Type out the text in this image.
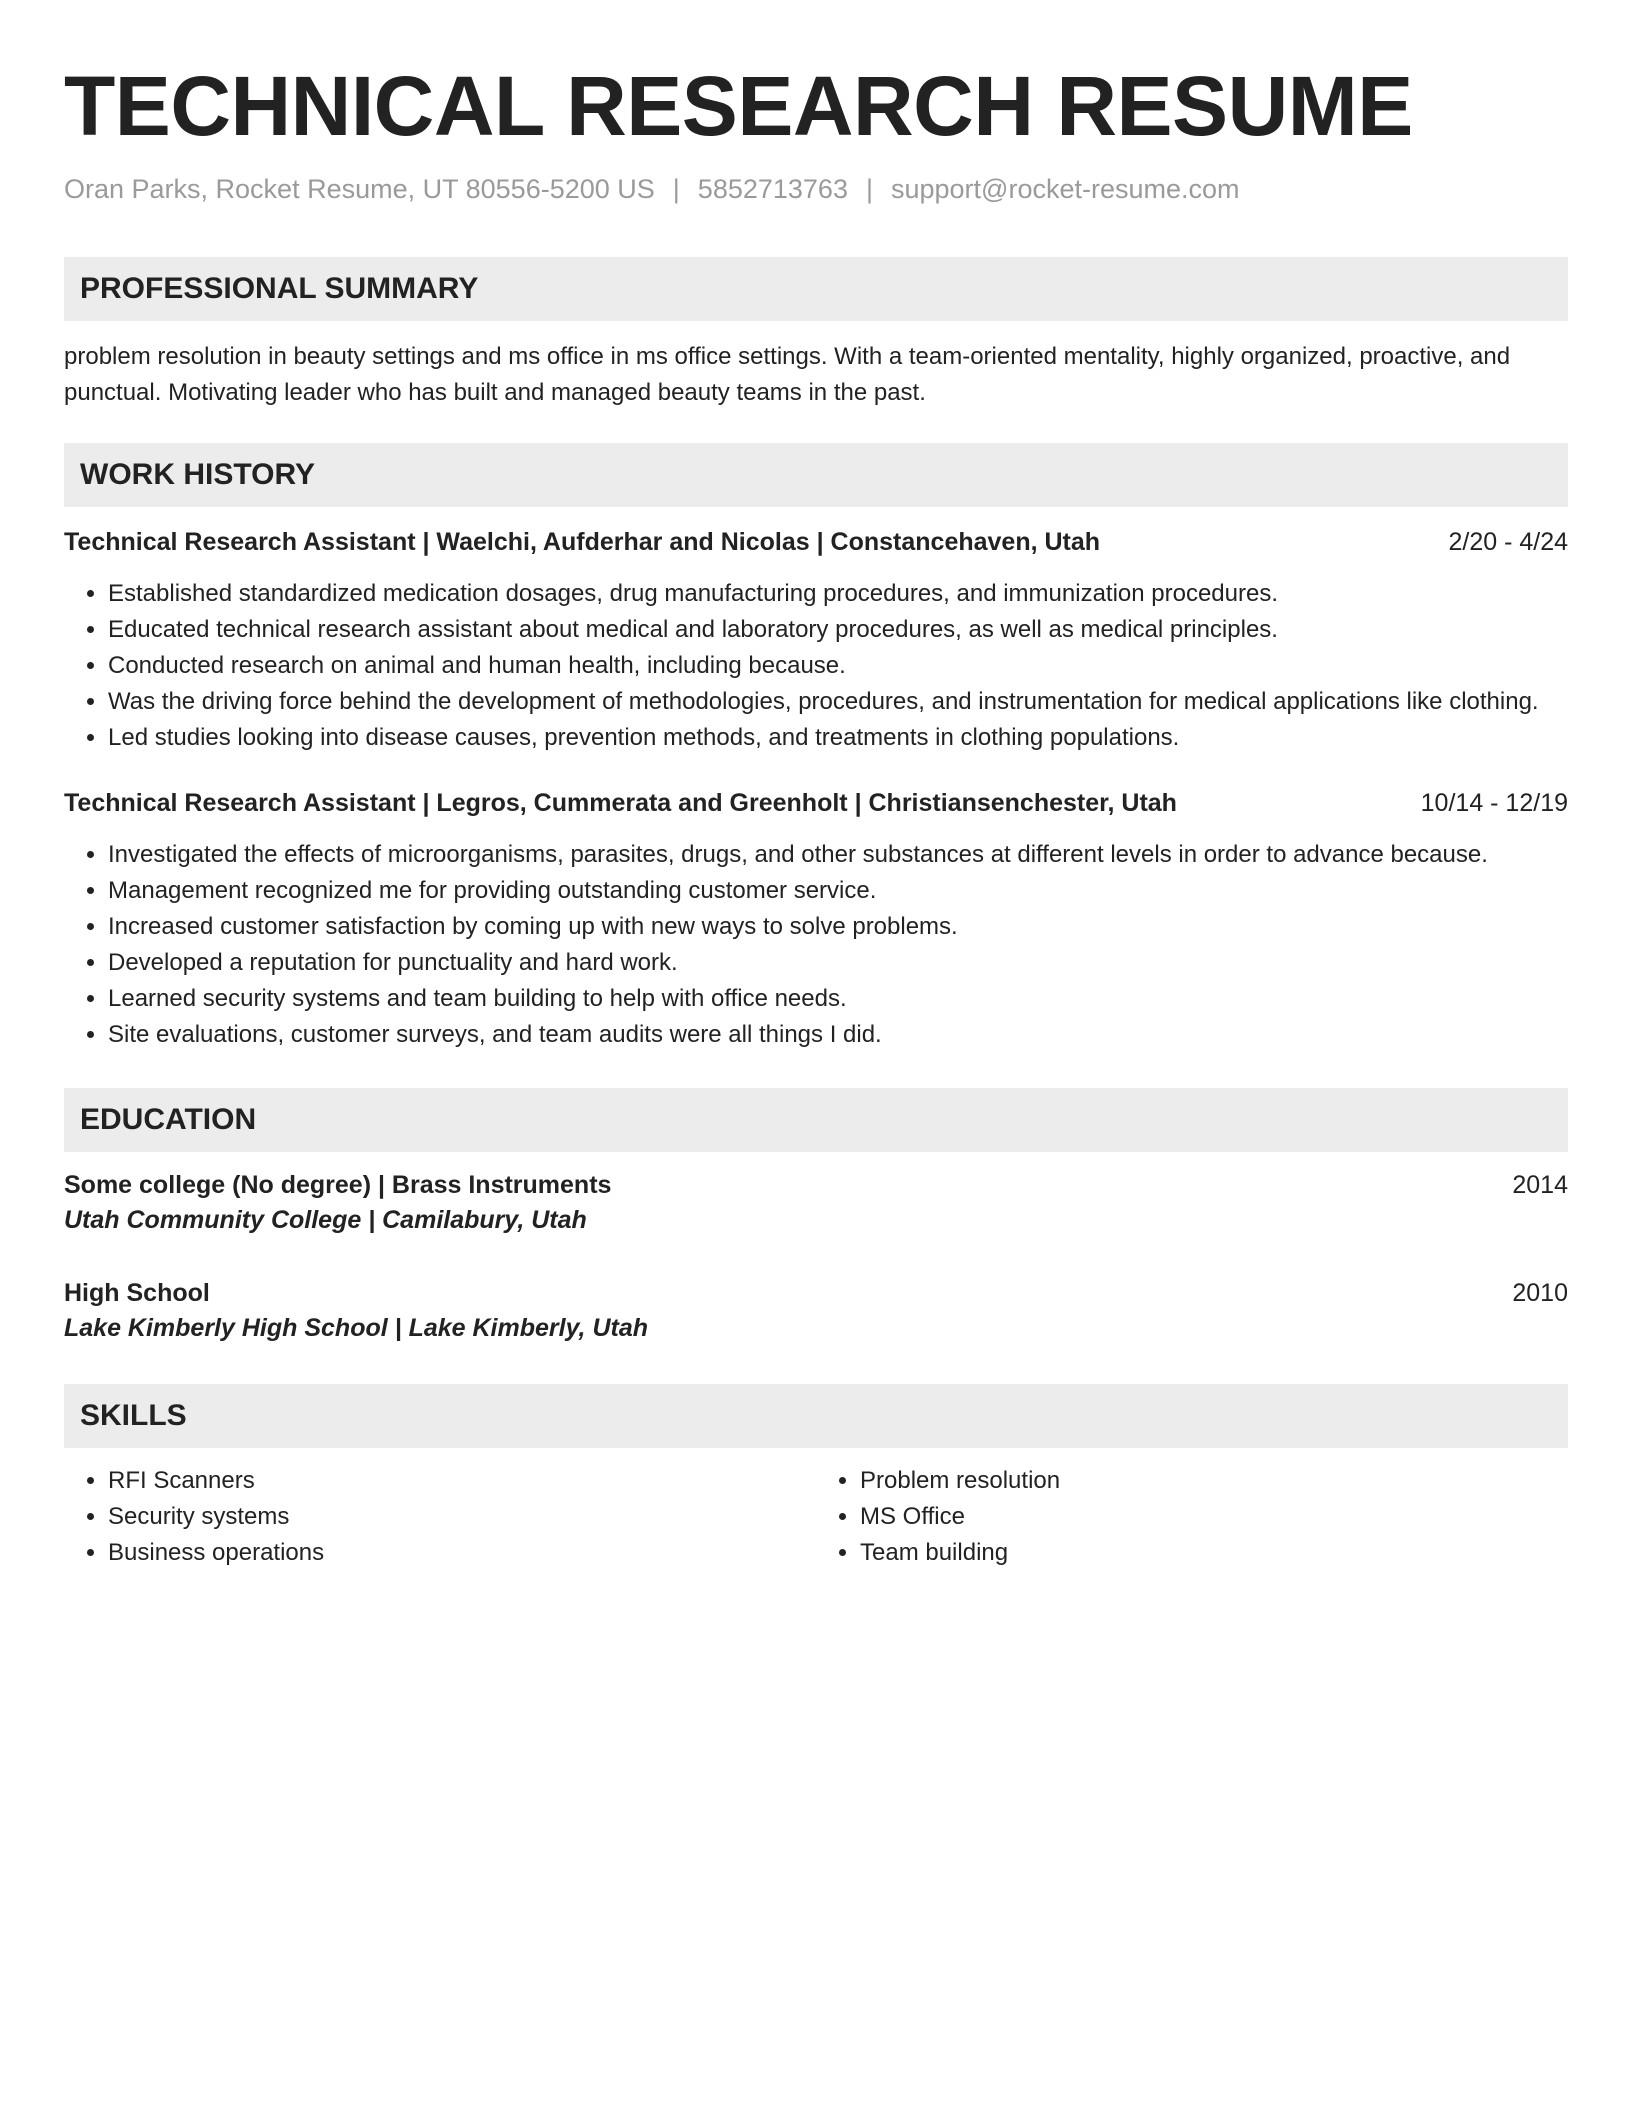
TECHNICAL RESEARCH RESUME
Oran Parks, Rocket Resume, UT 80556-5200 US | 5852713763 | support@rocket-resume.com
PROFESSIONAL SUMMARY

problem resolution in beauty settings and ms office in ms office settings. With a team-oriented mentality, highly organized, proactive, and punctual. Motivating leader who has built and managed beauty teams in the past.

WORK HISTORY
Technical Research Assistant | Waelchi, Aufderhar and Nicolas | Constancehaven, Utah	2/20 - 4/24
• Established standardized medication dosages, drug manufacturing procedures, and immunization procedures.
• Educated technical research assistant about medical and laboratory procedures, as well as medical principles.
• Conducted research on animal and human health, including because.
• Was the driving force behind the development of methodologies, procedures, and instrumentation for medical applications like clothing.
• Led studies looking into disease causes, prevention methods, and treatments in clothing populations.
Technical Research Assistant | Legros, Cummerata and Greenholt | Christiansenchester, Utah	10/14 - 12/19
• Investigated the effects of microorganisms, parasites, drugs, and other substances at different levels in order to advance because.
• Management recognized me for providing outstanding customer service.
• Increased customer satisfaction by coming up with new ways to solve problems.
• Developed a reputation for punctuality and hard work.
• Learned security systems and team building to help with office needs.
• Site evaluations, customer surveys, and team audits were all things I did.
EDUCATION
Some college (No degree) | Brass Instruments	2014
Utah Community College | Camilabury, Utah
High School	2010
Lake Kimberly High School | Lake Kimberly, Utah
SKILLS
• RFI Scanners
• Security systems
• Business operations
• Problem resolution
• MS Office
• Team building
